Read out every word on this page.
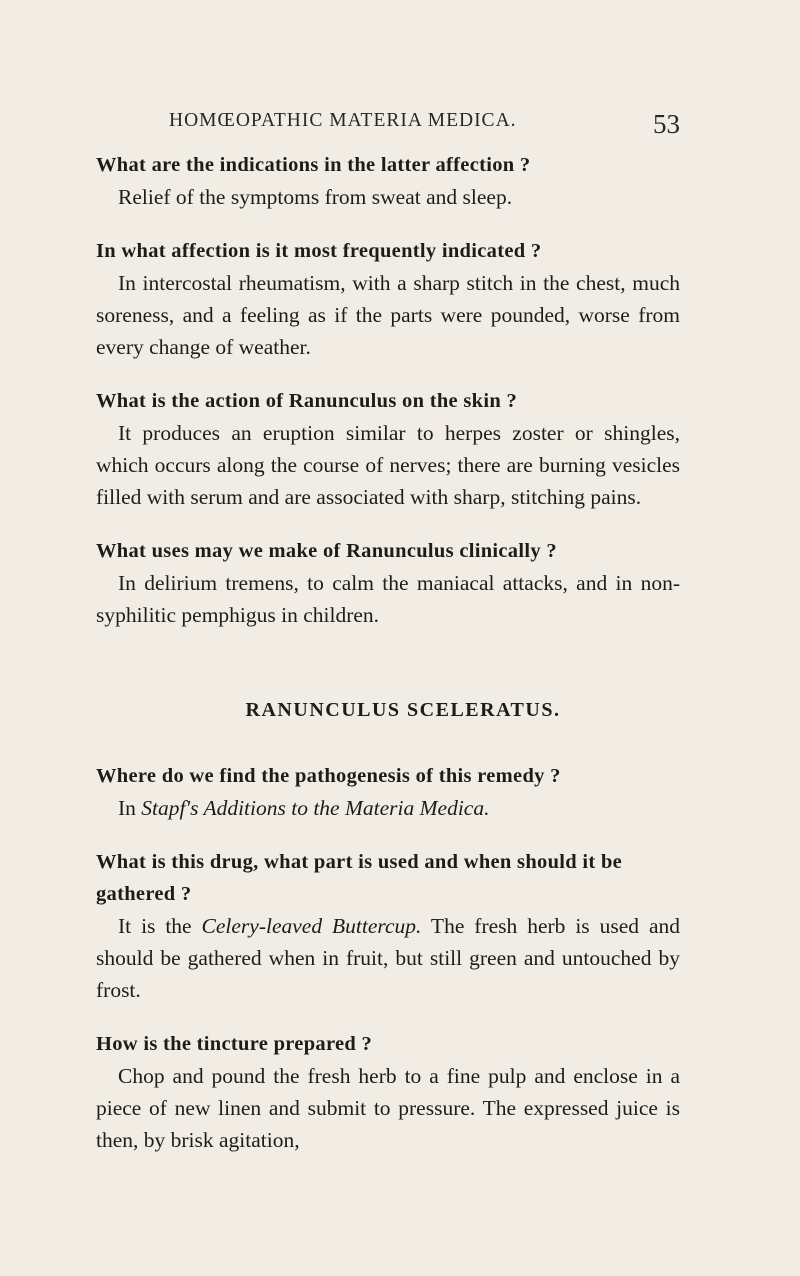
HOMŒOPATHIC MATERIA MEDICA.	53
What are the indications in the latter affection ?
Relief of the symptoms from sweat and sleep.
In what affection is it most frequently indicated ?
In intercostal rheumatism, with a sharp stitch in the chest, much soreness, and a feeling as if the parts were pounded, worse from every change of weather.
What is the action of Ranunculus on the skin ?
It produces an eruption similar to herpes zoster or shingles, which occurs along the course of nerves; there are burning vesicles filled with serum and are associated with sharp, stitching pains.
What uses may we make of Ranunculus clinically ?
In delirium tremens, to calm the maniacal attacks, and in non-syphilitic pemphigus in children.
RANUNCULUS SCELERATUS.
Where do we find the pathogenesis of this remedy ?
In Stapf's Additions to the Materia Medica.
What is this drug, what part is used and when should it be gathered ?
It is the Celery-leaved Buttercup. The fresh herb is used and should be gathered when in fruit, but still green and untouched by frost.
How is the tincture prepared ?
Chop and pound the fresh herb to a fine pulp and enclose in a piece of new linen and submit to pressure. The expressed juice is then, by brisk agitation,
